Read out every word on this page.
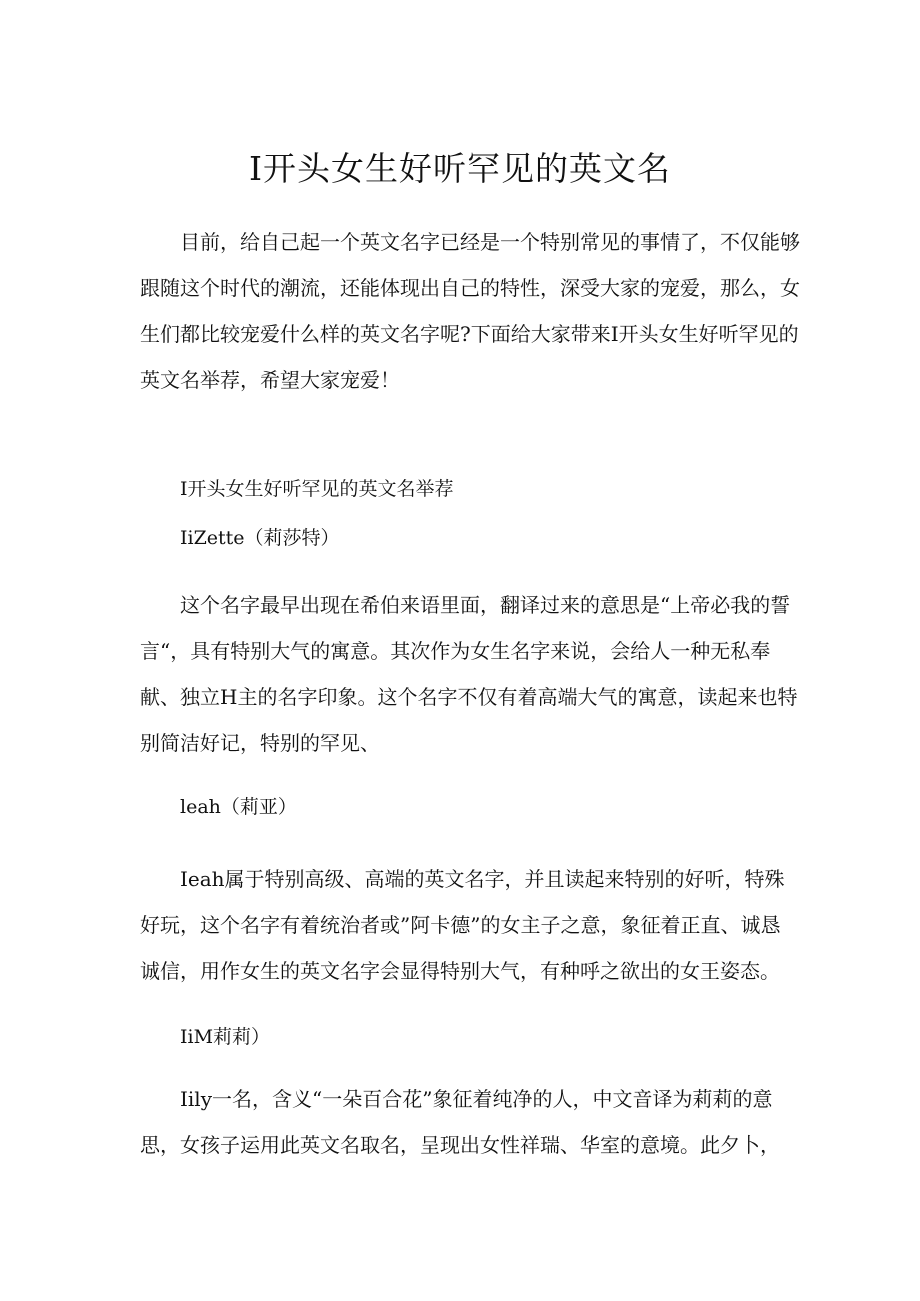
I开头女生好听罕见的英文名

目前，给自己起一个英文名字已经是一个特别常见的事情了，不仅能够跟随这个时代的潮流，还能体现出自己的特性，深受大家的宠爱，那么，女生们都比较宠爱什么样的英文名字呢?下面给大家带来I开头女生好听罕见的英文名举荐，希望大家宠爱！

I开头女生好听罕见的英文名举荐
IiZette（莉莎特）

这个名字最早出现在希伯来语里面，翻译过来的意思是“上帝必我的誓言“，具有特别大气的寓意。其次作为女生名字来说，会给人一种无私奉献、独立H主的名字印象。这个名字不仅有着高端大气的寓意，读起来也特别简洁好记，特别的罕见、

leah（莉亚）

Ieah属于特别高级、高端的英文名字，并且读起来特别的好听，特殊好玩，这个名字有着统治者或”阿卡德”的女主子之意，象征着正直、诚恳诚信，用作女生的英文名字会显得特别大气，有种呼之欲出的女王姿态。

IiM莉莉）

Iily一名，含义“一朵百合花”象征着纯净的人，中文音译为莉莉的意思，女孩子运用此英文名取名，呈现出女性祥瑞、华室的意境。此夕卜，
